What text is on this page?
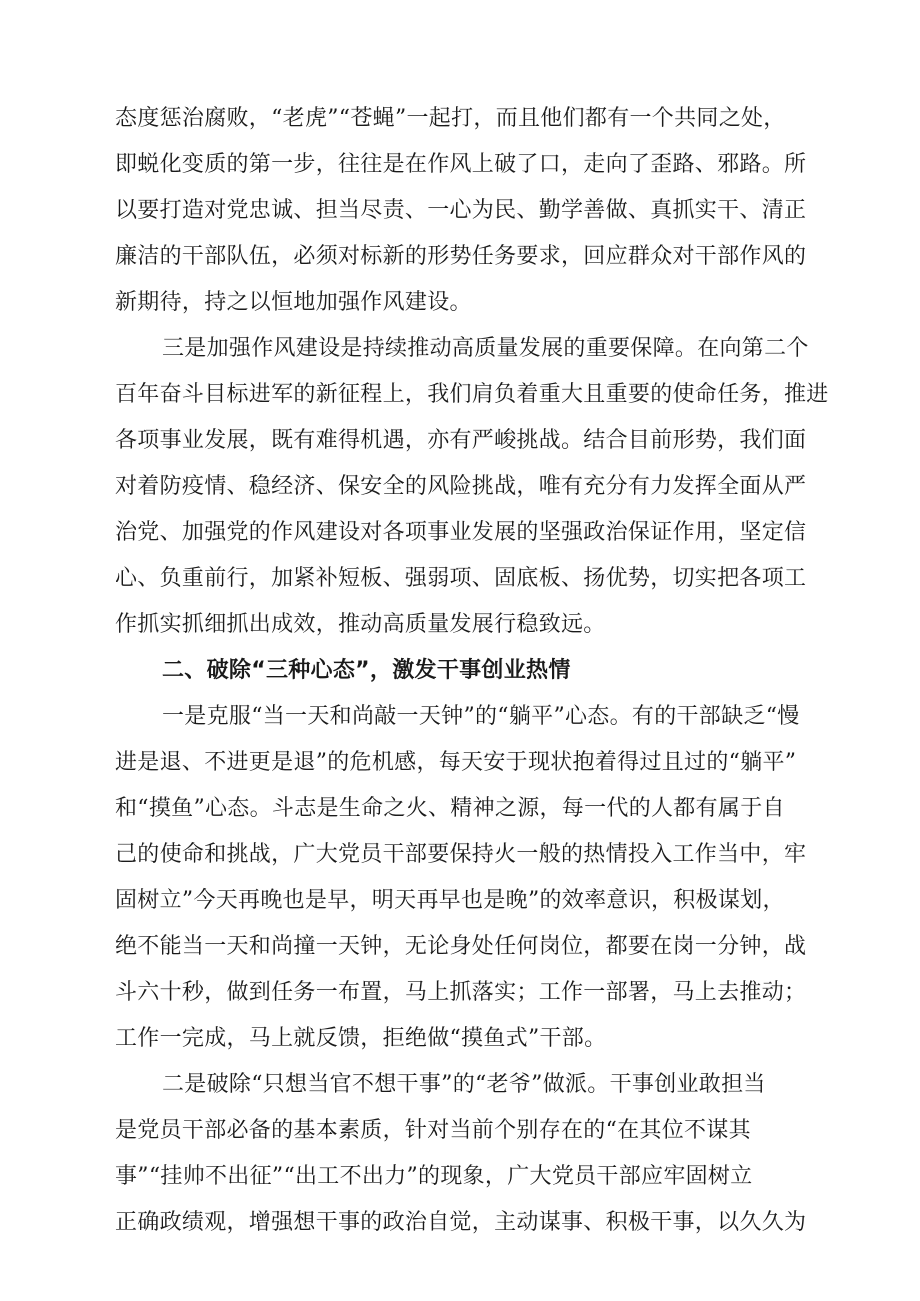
态度惩治腐败，“老虎”“苍蝇”一起打，而且他们都有一个共同之处，
即蜕化变质的第一步，往往是在作风上破了口，走向了歪路、邪路。所
以要打造对党忠诚、担当尽责、一心为民、勤学善做、真抓实干、清正
廉洁的干部队伍，必须对标新的形势任务要求，回应群众对干部作风的
新期待，持之以恒地加强作风建设。
三是加强作风建设是持续推动高质量发展的重要保障。在向第二个
百年奋斗目标进军的新征程上，我们肩负着重大且重要的使命任务，推进
各项事业发展，既有难得机遇，亦有严峻挑战。结合目前形势，我们面
对着防疫情、稳经济、保安全的风险挑战，唯有充分有力发挥全面从严
治党、加强党的作风建设对各项事业发展的坚强政治保证作用，坚定信
心、负重前行，加紧补短板、强弱项、固底板、扬优势，切实把各项工
作抓实抓细抓出成效，推动高质量发展行稳致远。
二、破除“三种心态”，激发干事创业热情
一是克服“当一天和尚敲一天钟”的“躺平”心态。有的干部缺乏“慢
进是退、不进更是退”的危机感，每天安于现状抱着得过且过的“躺平”
和“摸鱼”心态。斗志是生命之火、精神之源，每一代的人都有属于自
己的使命和挑战，广大党员干部要保持火一般的热情投入工作当中，牢
固树立”今天再晚也是早，明天再早也是晚”的效率意识，积极谋划，
绝不能当一天和尚撞一天钟，无论身处任何岗位，都要在岗一分钟，战
斗六十秒，做到任务一布置，马上抓落实；工作一部署，马上去推动；
工作一完成，马上就反馈，拒绝做“摸鱼式”干部。
二是破除“只想当官不想干事”的“老爷”做派。干事创业敢担当
是党员干部必备的基本素质，针对当前个别存在的“在其位不谋其
事”“挂帅不出征”“出工不出力”的现象，广大党员干部应牢固树立
正确政绩观，增强想干事的政治自觉，主动谋事、积极干事，以久久为
